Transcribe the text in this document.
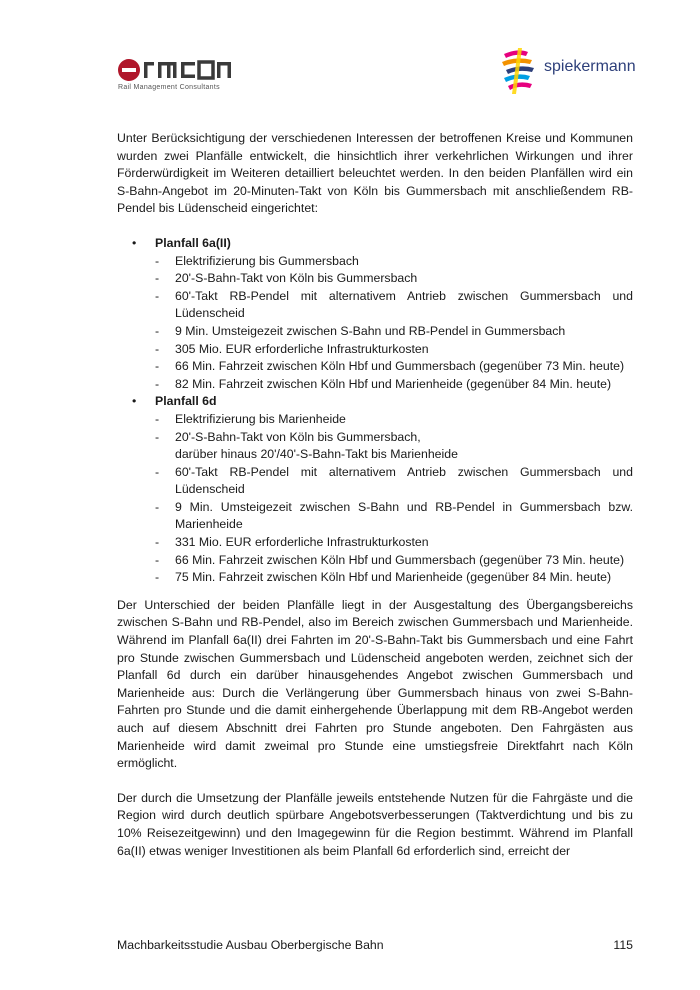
Rail Management Consultants
spiekermann

Unter Berücksichtigung der verschiedenen Interessen der betroffenen Kreise und Kommunen wurden zwei Planfälle entwickelt, die hinsichtlich ihrer verkehrlichen Wirkungen und ihrer Förderwürdigkeit im Weiteren detailliert beleuchtet werden. In den beiden Planfällen wird ein S-Bahn-Angebot im 20-Minuten-Takt von Köln bis Gummersbach mit anschließendem RB-Pendel bis Lüdenscheid eingerichtet:

• Planfall 6a(II)
- Elektrifizierung bis Gummersbach
- 20'-S-Bahn-Takt von Köln bis Gummersbach
- 60'-Takt RB-Pendel mit alternativem Antrieb zwischen Gummersbach und Lüdenscheid
- 9 Min. Umsteigezeit zwischen S-Bahn und RB-Pendel in Gummersbach
- 305 Mio. EUR erforderliche Infrastrukturkosten
- 66 Min. Fahrzeit zwischen Köln Hbf und Gummersbach (gegenüber 73 Min. heute)
- 82 Min. Fahrzeit zwischen Köln Hbf und Marienheide (gegenüber 84 Min. heute)
• Planfall 6d
- Elektrifizierung bis Marienheide
- 20'-S-Bahn-Takt von Köln bis Gummersbach,
darüber hinaus 20'/40'-S-Bahn-Takt bis Marienheide
- 60'-Takt RB-Pendel mit alternativem Antrieb zwischen Gummersbach und Lüdenscheid
- 9 Min. Umsteigezeit zwischen S-Bahn und RB-Pendel in Gummersbach bzw. Marienheide
- 331 Mio. EUR erforderliche Infrastrukturkosten
- 66 Min. Fahrzeit zwischen Köln Hbf und Gummersbach (gegenüber 73 Min. heute)
- 75 Min. Fahrzeit zwischen Köln Hbf und Marienheide (gegenüber 84 Min. heute)

Der Unterschied der beiden Planfälle liegt in der Ausgestaltung des Übergangsbereichs zwischen S-Bahn und RB-Pendel, also im Bereich zwischen Gummersbach und Marienheide. Während im Planfall 6a(II) drei Fahrten im 20'-S-Bahn-Takt bis Gummersbach und eine Fahrt pro Stunde zwischen Gummersbach und Lüdenscheid angeboten werden, zeichnet sich der Planfall 6d durch ein darüber hinausgehendes Angebot zwischen Gummersbach und Marienheide aus: Durch die Verlängerung über Gummersbach hinaus von zwei S-Bahn-Fahrten pro Stunde und die damit einhergehende Überlappung mit dem RB-Angebot werden auch auf diesem Abschnitt drei Fahrten pro Stunde angeboten. Den Fahrgästen aus Marienheide wird damit zweimal pro Stunde eine umstiegsfreie Direktfahrt nach Köln ermöglicht.

Der durch die Umsetzung der Planfälle jeweils entstehende Nutzen für die Fahrgäste und die Region wird durch deutlich spürbare Angebotsverbesserungen (Taktverdichtung und bis zu 10% Reisezeitgewinn) und den Imagegewinn für die Region bestimmt. Während im Planfall 6a(II) etwas weniger Investitionen als beim Planfall 6d erforderlich sind, erreicht der

Machbarkeitsstudie Ausbau Oberbergische Bahn	115
